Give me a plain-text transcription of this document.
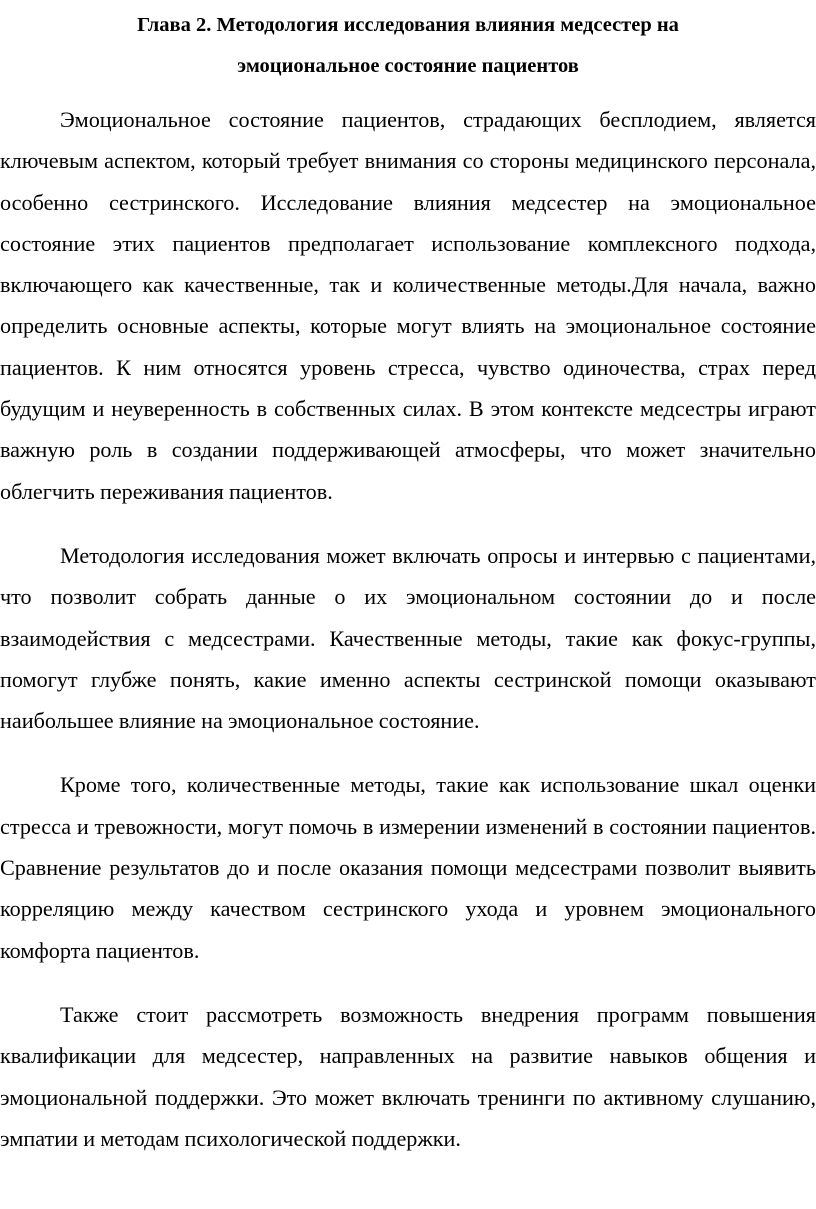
Глава 2. Методология исследования влияния медсестер на
эмоциональное состояние пациентов

Эмоциональное состояние пациентов, страдающих бесплодием, является ключевым аспектом, который требует внимания со стороны медицинского персонала, особенно сестринского. Исследование влияния медсестер на эмоциональное состояние этих пациентов предполагает использование комплексного подхода, включающего как качественные, так и количественные методы.Для начала, важно определить основные аспекты, которые могут влиять на эмоциональное состояние пациентов. К ним относятся уровень стресса, чувство одиночества, страх перед будущим и неуверенность в собственных силах. В этом контексте медсестры играют важную роль в создании поддерживающей атмосферы, что может значительно облегчить переживания пациентов.

Методология исследования может включать опросы и интервью с пациентами, что позволит собрать данные о их эмоциональном состоянии до и после взаимодействия с медсестрами. Качественные методы, такие как фокус-группы, помогут глубже понять, какие именно аспекты сестринской помощи оказывают наибольшее влияние на эмоциональное состояние.

Кроме того, количественные методы, такие как использование шкал оценки стресса и тревожности, могут помочь в измерении изменений в состоянии пациентов. Сравнение результатов до и после оказания помощи медсестрами позволит выявить корреляцию между качеством сестринского ухода и уровнем эмоционального комфорта пациентов.

Также стоит рассмотреть возможность внедрения программ повышения квалификации для медсестер, направленных на развитие навыков общения и эмоциональной поддержки. Это может включать тренинги по активному слушанию, эмпатии и методам психологической поддержки.
